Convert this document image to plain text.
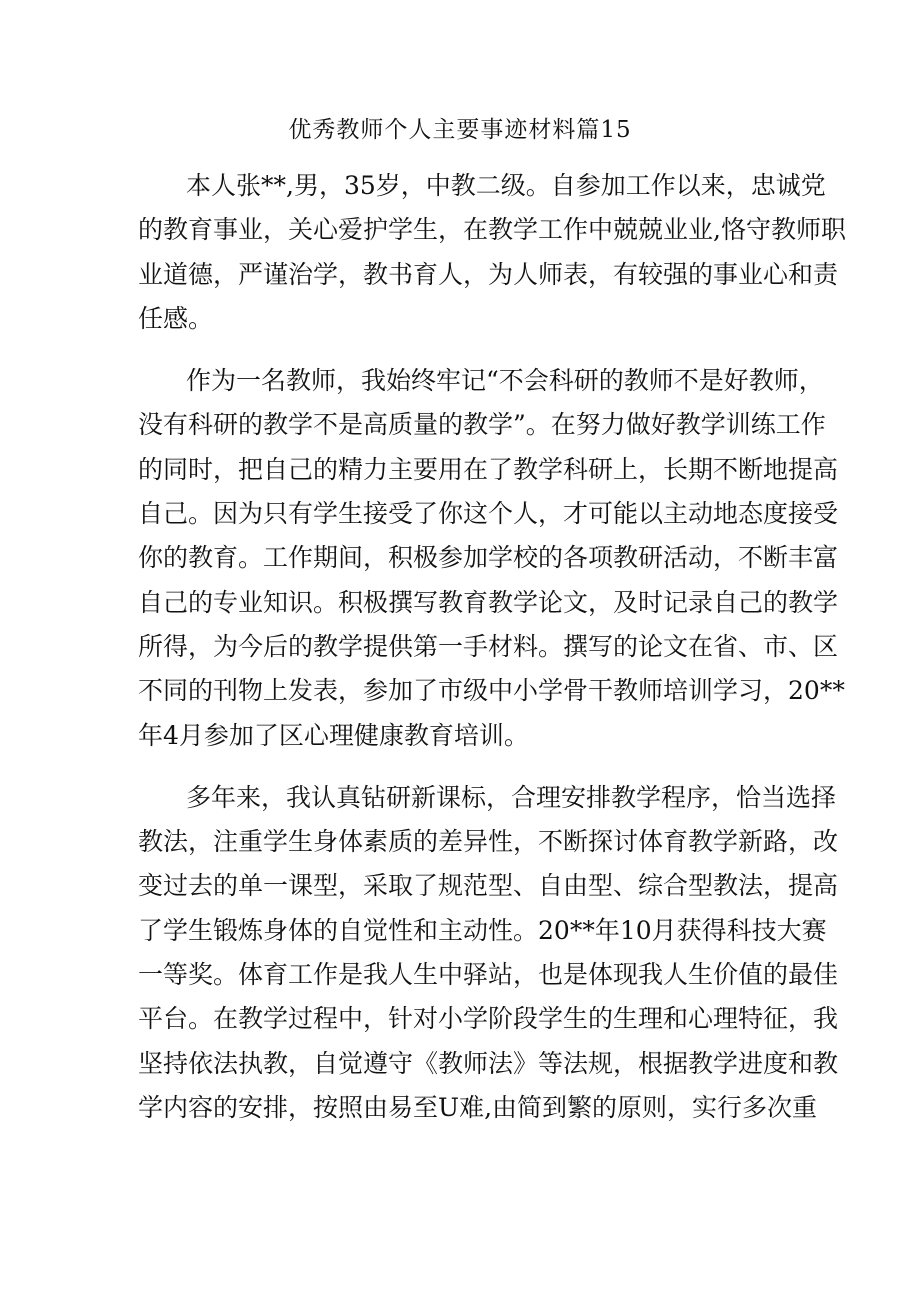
优秀教师个人主要事迹材料篇15

本人张**,男，35岁，中教二级。自参加工作以来，忠诚党
的教育事业，关心爱护学生，在教学工作中兢兢业业,恪守教师职
业道德，严谨治学，教书育人，为人师表，有较强的事业心和责
任感。

作为一名教师，我始终牢记“不会科研的教师不是好教师，
没有科研的教学不是高质量的教学”。在努力做好教学训练工作
的同时，把自己的精力主要用在了教学科研上，长期不断地提高
自己。因为只有学生接受了你这个人，才可能以主动地态度接受
你的教育。工作期间，积极参加学校的各项教研活动，不断丰富
自己的专业知识。积极撰写教育教学论文，及时记录自己的教学
所得，为今后的教学提供第一手材料。撰写的论文在省、市、区
不同的刊物上发表，参加了市级中小学骨干教师培训学习，20**
年4月参加了区心理健康教育培训。

多年来，我认真钻研新课标，合理安排教学程序，恰当选择
教法，注重学生身体素质的差异性，不断探讨体育教学新路，改
变过去的单一课型，采取了规范型、自由型、综合型教法，提高
了学生锻炼身体的自觉性和主动性。20**年10月获得科技大赛
一等奖。体育工作是我人生中驿站，也是体现我人生价值的最佳
平台。在教学过程中，针对小学阶段学生的生理和心理特征，我
坚持依法执教，自觉遵守《教师法》等法规，根据教学进度和教
学内容的安排，按照由易至U难,由简到繁的原则，实行多次重
